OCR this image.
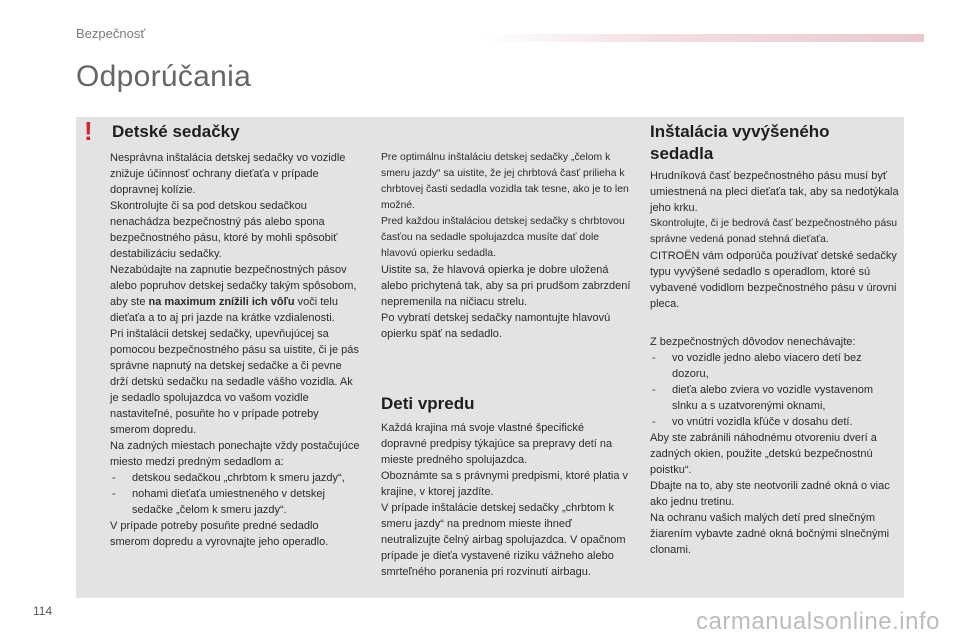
Bezpečnosť
Odporúčania
! Detské sedačky

Nesprávna inštalácia detskej sedačky vo vozidle znižuje účinnosť ochrany dieťaťa v prípade dopravnej kolízie.

Skontrolujte či sa pod detskou sedačkou nenachádza bezpečnostný pás alebo spona bezpečnostného pásu, ktoré by mohli spôsobiť destabilizáciu sedačky.

Nezabúdajte na zapnutie bezpečnostných pásov alebo popruhov detskej sedačky takým spôsobom, aby ste na maximum znížili ich vôľu voči telu dieťaťa a to aj pri jazde na krátke vzdialenosti.

Pri inštalácii detskej sedačky, upevňujúcej sa pomocou bezpečnostného pásu sa uistite, či je pás správne napnutý na detskej sedačke a či pevne drží detskú sedačku na sedadle vášho vozidla. Ak je sedadlo spolujazdca vo vašom vozidle nastaviteľné, posuňte ho v prípade potreby smerom dopredu.

Na zadných miestach ponechajte vždy postačujúce miesto medzi predným sedadlom a:

- detskou sedačkou „chrbtom k smeru jazdy“,
- nohami dieťaťa umiestneného v detskej sedačke „čelom k smeru jazdy“.

V prípade potreby posuňte predné sedadlo smerom dopredu a vyrovnajte jeho operadlo.

Pre optimálnu inštaláciu detskej sedačky „čelom k smeru jazdy“ sa uistite, že jej chrbtová časť prilieha k chrbtovej časti sedadla vozidla tak tesne, ako je to len možné.

Pred každou inštaláciou detskej sedačky s chrbtovou časťou na sedadle spolujazdca musíte dať dole hlavovú opierku sedadla.

Uistite sa, že hlavová opierka je dobre uložená alebo prichytená tak, aby sa pri prudšom zabrzdení nepremenila na ničiacu strelu.

Po vybratí detskej sedačky namontujte hlavovú opierku späť na sedadlo.

Deti vpredu

Každá krajina má svoje vlastné špecifické dopravné predpisy týkajúce sa prepravy detí na mieste predného spolujazdca.

Oboznámte sa s právnymi predpismi, ktoré platia v krajine, v ktorej jazdíte.

V prípade inštalácie detskej sedačky „chrbtom k smeru jazdy“ na prednom mieste ihneď neutralizujte čelný airbag spolujazdca. V opačnom prípade je dieťa vystavené riziku vážneho alebo smrteľného poranenia pri rozvinutí airbagu.

Inštalácia vyvýšeného sedadla

Hrudníková časť bezpečnostného pásu musí byť umiestnená na pleci dieťaťa tak, aby sa nedotýkala jeho krku.

Skontrolujte, či je bedrová časť bezpečnostného pásu správne vedená ponad stehná dieťaťa.

CITROËN vám odporúča používať detské sedačky typu vyvýšené sedadlo s operadlom, ktoré sú vybavené vodidlom bezpečnostného pásu v úrovni pleca.

Z bezpečnostných dôvodov nenechávajte:

- vo vozidle jedno alebo viacero detí bez dozoru,
- dieťa alebo zviera vo vozidle vystavenom slnku a s uzatvorenými oknami,
- vo vnútri vozidla kľúče v dosahu detí.

Aby ste zabránili náhodnému otvoreniu dverí a zadných okien, použite „detskú bezpečnostnú poistku“.

Dbajte na to, aby ste neotvorili zadné okná o viac ako jednu tretinu.

Na ochranu vašich malých detí pred slnečným žiarením vybavte zadné okná bočnými slnečnými clonami.

114	carmanualsonline.info
